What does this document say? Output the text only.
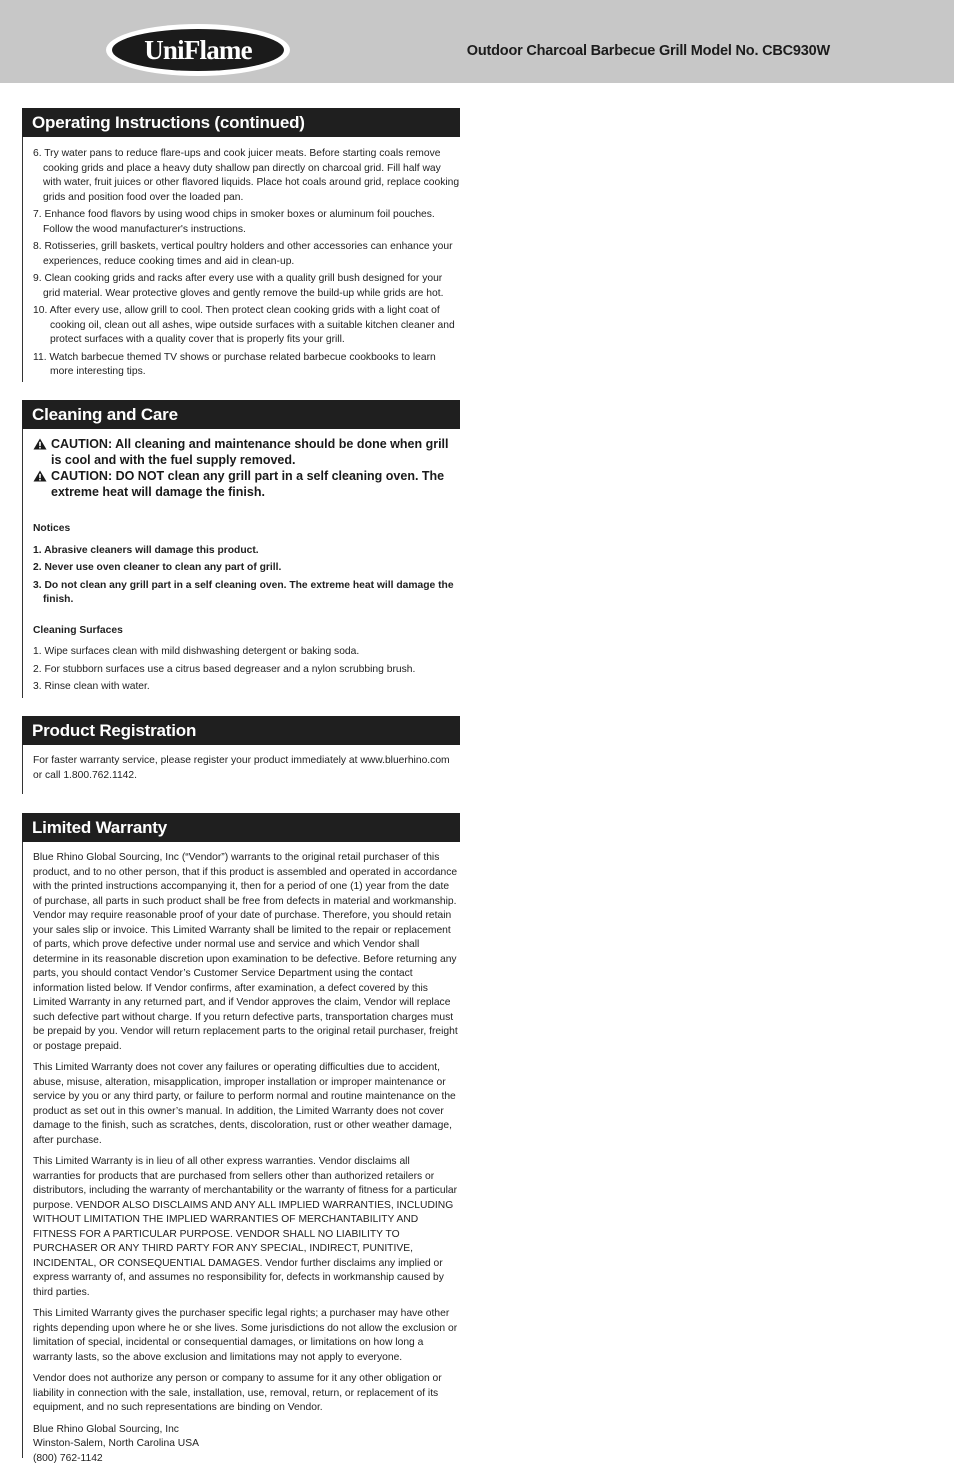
UniFlame	Outdoor Charcoal Barbecue Grill Model No. CBC930W
Operating Instructions (continued)
6. Try water pans to reduce flare-ups and cook juicer meats. Before starting coals remove cooking grids and place a heavy duty shallow pan directly on charcoal grid. Fill half way with water, fruit juices or other flavored liquids. Place hot coals around grid, replace cooking grids and position food over the loaded pan.
7. Enhance food flavors by using wood chips in smoker boxes or aluminum foil pouches. Follow the wood manufacturer's instructions.
8. Rotisseries, grill baskets, vertical poultry holders and other accessories can enhance your experiences, reduce cooking times and aid in clean-up.
9. Clean cooking grids and racks after every use with a quality grill bush designed for your grid material. Wear protective gloves and gently remove the build-up while grids are hot.
10. After every use, allow grill to cool. Then protect clean cooking grids with a light coat of cooking oil, clean out all ashes, wipe outside surfaces with a suitable kitchen cleaner and protect surfaces with a quality cover that is properly fits your grill.
11. Watch barbecue themed TV shows or purchase related barbecue cookbooks to learn more interesting tips.
Cleaning and Care
CAUTION: All cleaning and maintenance should be done when grill is cool and with the fuel supply removed.
CAUTION: DO NOT clean any grill part in a self cleaning oven. The extreme heat will damage the finish.
Notices
1. Abrasive cleaners will damage this product.
2. Never use oven cleaner to clean any part of grill.
3. Do not clean any grill part in a self cleaning oven. The extreme heat will damage the finish.
Cleaning Surfaces
1. Wipe surfaces clean with mild dishwashing detergent or baking soda.
2. For stubborn surfaces use a citrus based degreaser and a nylon scrubbing brush.
3. Rinse clean with water.
Product Registration

For faster warranty service, please register your product immediately at www.bluerhino.com or call 1.800.762.1142.

Limited Warranty

Blue Rhino Global Sourcing, Inc (“Vendor”) warrants to the original retail purchaser of this product, and to no other person, that if this product is assembled and operated in accordance with the printed instructions accompanying it, then for a period of one (1) year from the date of purchase, all parts in such product shall be free from defects in material and workmanship. Vendor may require reasonable proof of your date of purchase. Therefore, you should retain your sales slip or invoice. This Limited Warranty shall be limited to the repair or replacement of parts, which prove defective under normal use and service and which Vendor shall determine in its reasonable discretion upon examination to be defective. Before returning any parts, you should contact Vendor’s Customer Service Department using the contact information listed below. If Vendor confirms, after examination, a defect covered by this Limited Warranty in any returned part, and if Vendor approves the claim, Vendor will replace such defective part without charge. If you return defective parts, transportation charges must be prepaid by you. Vendor will return replacement parts to the original retail purchaser, freight or postage prepaid.

This Limited Warranty does not cover any failures or operating difficulties due to accident, abuse, misuse, alteration, misapplication, improper installation or improper maintenance or service by you or any third party, or failure to perform normal and routine maintenance on the product as set out in this owner’s manual. In addition, the Limited Warranty does not cover damage to the finish, such as scratches, dents, discoloration, rust or other weather damage, after purchase.

This Limited Warranty is in lieu of all other express warranties. Vendor disclaims all warranties for products that are purchased from sellers other than authorized retailers or distributors, including the warranty of merchantability or the warranty of fitness for a particular purpose. VENDOR ALSO DISCLAIMS AND ANY ALL IMPLIED WARRANTIES, INCLUDING WITHOUT LIMITATION THE IMPLIED WARRANTIES OF MERCHANTABILITY AND FITNESS FOR A PARTICULAR PURPOSE. VENDOR SHALL NO LIABILITY TO PURCHASER OR ANY THIRD PARTY FOR ANY SPECIAL, INDIRECT, PUNITIVE, INCIDENTAL, OR CONSEQUENTIAL DAMAGES. Vendor further disclaims any implied or express warranty of, and assumes no responsibility for, defects in workmanship caused by third parties.

This Limited Warranty gives the purchaser specific legal rights; a purchaser may have other rights depending upon where he or she lives. Some jurisdictions do not allow the exclusion or limitation of special, incidental or consequential damages, or limitations on how long a warranty lasts, so the above exclusion and limitations may not apply to everyone.

Vendor does not authorize any person or company to assume for it any other obligation or liability in connection with the sale, installation, use, removal, return, or replacement of its equipment, and no such representations are binding on Vendor.

Blue Rhino Global Sourcing, Inc
Winston-Salem, North Carolina USA
(800) 762-1142
